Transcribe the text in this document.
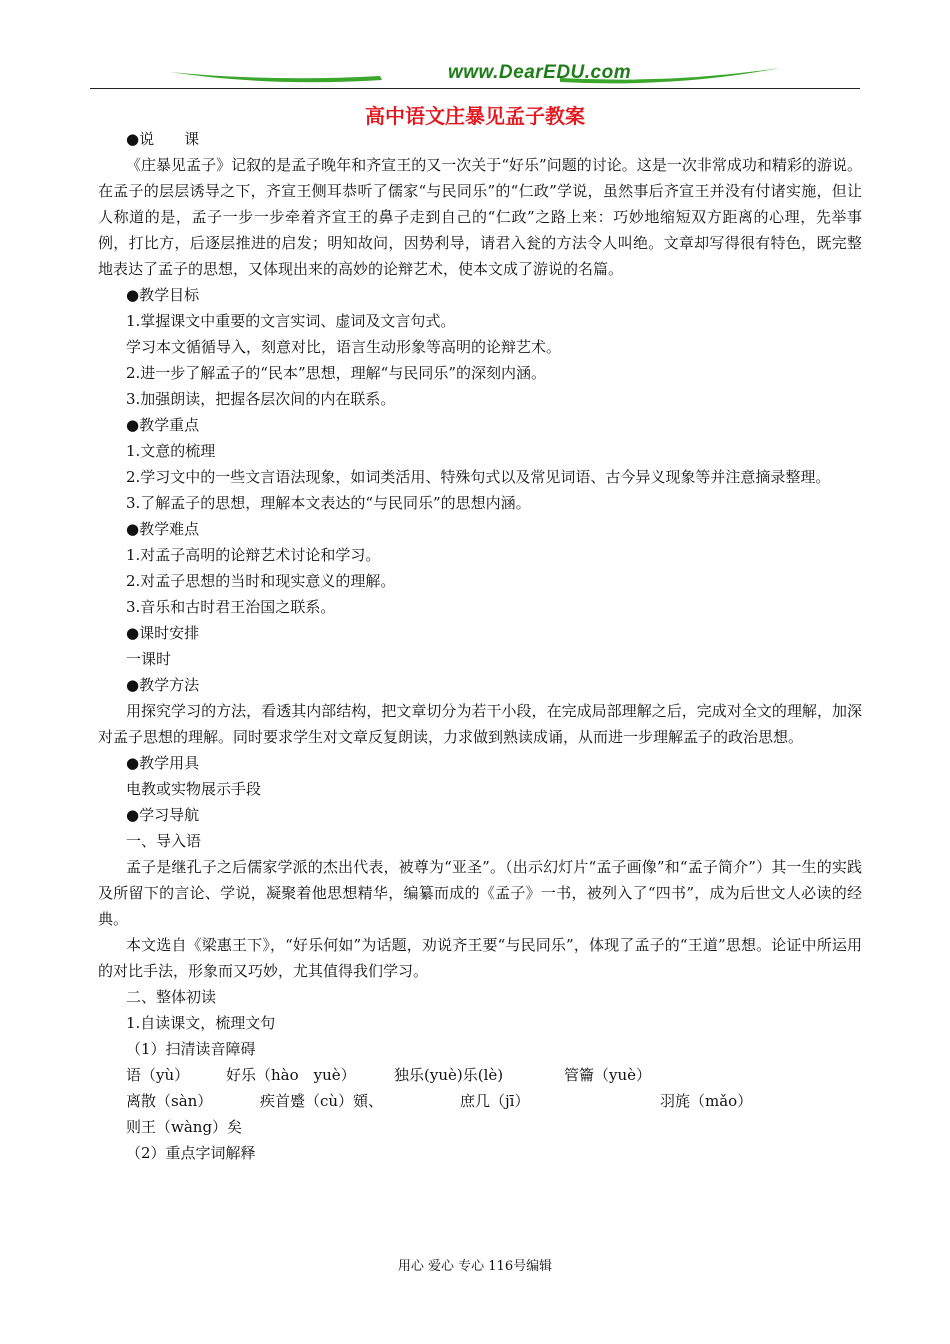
www.DearEDU.com
高中语文庄暴见孟子教案

●说　　课

《庄暴见孟子》记叙的是孟子晚年和齐宣王的又一次关于“好乐”问题的讨论。这是一次非常成功和精彩的游说。在孟子的层层诱导之下，齐宣王侧耳恭听了儒家“与民同乐”的“仁政”学说，虽然事后齐宣王并没有付诸实施，但让人称道的是，孟子一步一步牵着齐宣王的鼻子走到自己的“仁政”之路上来：巧妙地缩短双方距离的心理，先举事例，打比方，后逐层推进的启发；明知故问，因势利导，请君入瓮的方法令人叫绝。文章却写得很有特色，既完整地表达了孟子的思想，又体现出来的高妙的论辩艺术，使本文成了游说的名篇。

●教学目标

1.掌握课文中重要的文言实词、虚词及文言句式。

学习本文循循导入，刻意对比，语言生动形象等高明的论辩艺术。

2.进一步了解孟子的“民本”思想，理解“与民同乐”的深刻内涵。

3.加强朗读，把握各层次间的内在联系。

●教学重点

1.文意的梳理

2.学习文中的一些文言语法现象，如词类活用、特殊句式以及常见词语、古今异义现象等并注意摘录整理。

3.了解孟子的思想，理解本文表达的“与民同乐”的思想内涵。

●教学难点

1.对孟子高明的论辩艺术讨论和学习。

2.对孟子思想的当时和现实意义的理解。

3.音乐和古时君王治国之联系。

●课时安排

一课时

●教学方法

用探究学习的方法，看透其内部结构，把文章切分为若干小段，在完成局部理解之后，完成对全文的理解，加深对孟子思想的理解。同时要求学生对文章反复朗读，力求做到熟读成诵，从而进一步理解孟子的政治思想。

●教学用具

电教或实物展示手段

●学习导航

一、导入语

孟子是继孔子之后儒家学派的杰出代表，被尊为“亚圣”。（出示幻灯片“孟子画像”和“孟子简介”）其一生的实践及所留下的言论、学说，凝聚着他思想精华，编纂而成的《孟子》一书，被列入了“四书”，成为后世文人必读的经典。

本文选自《梁惠王下》，“好乐何如”为话题，劝说齐王要“与民同乐”，体现了孟子的“王道”思想。论证中所运用的对比手法，形象而又巧妙，尤其值得我们学习。

二、整体初读

1.自读课文，梳理文句

（1）扫清读音障碍

语（yù） 好乐（hào　yuè）	独乐(yuè)乐(lè)	管籥（yuè）

离散（sàn）	疾首蹙（cù）頞、	庶几（jī）	羽旄（mǎo）

则王（wàng）矣

（2）重点字词解释

用心 爱心 专心 116号编辑
